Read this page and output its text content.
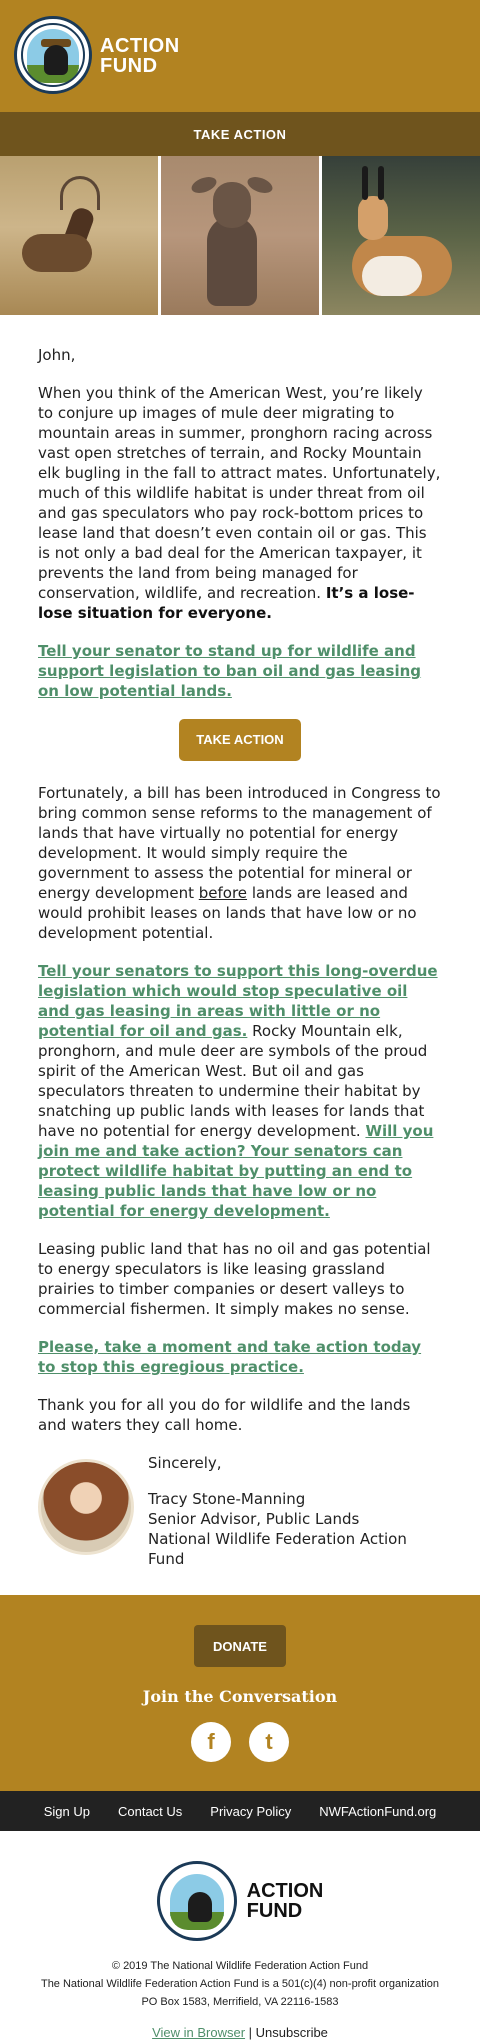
ACTION
FUND
TAKE ACTION

John,

When you think of the American West, you’re likely to conjure up images of mule deer migrating to mountain areas in summer, pronghorn racing across vast open stretches of terrain, and Rocky Mountain elk bugling in the fall to attract mates. Unfortunately, much of this wildlife habitat is under threat from oil and gas speculators who pay rock-bottom prices to lease land that doesn’t even contain oil or gas. This is not only a bad deal for the American taxpayer, it prevents the land from being managed for conservation, wildlife, and recreation. It’s a lose-lose situation for everyone.

Tell your senator to stand up for wildlife and support legislation to ban oil and gas leasing on low potential lands.

TAKE ACTION

Fortunately, a bill has been introduced in Congress to bring common sense reforms to the management of lands that have virtually no potential for energy development. It would simply require the government to assess the potential for mineral or energy development before lands are leased and would prohibit leases on lands that have low or no development potential.

Tell your senators to support this long-overdue legislation which would stop speculative oil and gas leasing in areas with little or no potential for oil and gas. Rocky Mountain elk, pronghorn, and mule deer are symbols of the proud spirit of the American West. But oil and gas speculators threaten to undermine their habitat by snatching up public lands with leases for lands that have no potential for energy development. Will you join me and take action? Your senators can protect wildlife habitat by putting an end to leasing public lands that have low or no potential for energy development.

Leasing public land that has no oil and gas potential to energy speculators is like leasing grassland prairies to timber companies or desert valleys to commercial fishermen. It simply makes no sense.

Please, take a moment and take action today to stop this egregious practice.

Thank you for all you do for wildlife and the lands and waters they call home.

Sincerely,
Tracy Stone-Manning
Senior Advisor, Public Lands
National Wildlife Federation Action Fund
DONATE
Join the Conversation
f	t
Sign Up Contact Us Privacy Policy NWFActionFund.org
ACTION
FUND
© 2019 The National Wildlife Federation Action Fund
The National Wildlife Federation Action Fund is a 501(c)(4) non-profit organization
PO Box 1583, Merrifield, VA 22116-1583
View in Browser | Unsubscribe
